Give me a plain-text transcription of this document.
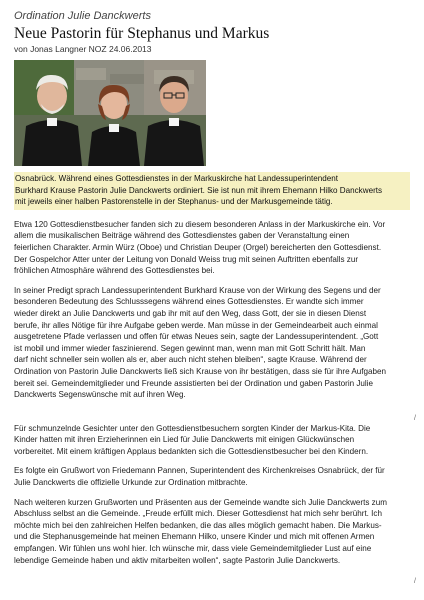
Ordination Julie Danckwerts

Neue Pastorin für Stephanus und Markus

von Jonas Langner NOZ 24.06.2013

Osnabrück. Während eines Gottesdienstes in der Markuskirche hat Landessuperintendent
Burkhard Krause Pastorin Julie Danckwerts ordiniert. Sie ist nun mit ihrem Ehemann Hilko Danckwerts
mit jeweils einer halben Pastorenstelle in der Stephanus- und der Markusgemeinde tätig.

Etwa 120 Gottesdienstbesucher fanden sich zu diesem besonderen Anlass in der Markuskirche ein. Vor
allem die musikalischen Beiträge während des Gottesdienstes gaben der Veranstaltung einen
feierlichen Charakter. Armin Würz (Oboe) und Christian Deuper (Orgel) bereicherten den Gottesdienst.
Der Gospelchor Atter unter der Leitung von Donald Weiss trug mit seinen Auftritten ebenfalls zur
fröhlichen Atmosphäre während des Gottesdienstes bei.

In seiner Predigt sprach Landessuperintendent Burkhard Krause von der Wirkung des Segens und der
besonderen Bedeutung des Schlusssegens während eines Gottesdienstes. Er wandte sich immer
wieder direkt an Julie Danckwerts und gab ihr mit auf den Weg, dass Gott, der sie in diesen Dienst
berufe, ihr alles Nötige für ihre Aufgabe geben werde. Man müsse in der Gemeindearbeit auch einmal
ausgetretene Pfade verlassen und offen für etwas Neues sein, sagte der Landessuperintendent. „Gott
ist mobil und immer wieder faszinierend. Segen gewinnt man, wenn man mit Gott Schritt hält. Man
darf nicht schneller sein wollen als er, aber auch nicht stehen bleiben“, sagte Krause. Während der
Ordination von Pastorin Julie Danckwerts ließ sich Krause von ihr bestätigen, dass sie für ihre Aufgaben
bereit sei. Gemeindemitglieder und Freunde assistierten bei der Ordination und gaben Pastorin Julie
Danckwerts Segenswünsche mit auf ihren Weg.

Für schmunzelnde Gesichter unter den Gottesdienstbesuchern sorgten Kinder der Markus-Kita. Die
Kinder hatten mit ihren Erzieherinnen ein Lied für Julie Danckwerts mit einigen Glückwünschen
vorbereitet. Mit einem kräftigen Applaus bedankten sich die Gottesdienstbesucher bei den Kindern.

Es folgte ein Grußwort von Friedemann Pannen, Superintendent des Kirchenkreises Osnabrück, der für
Julie Danckwerts die offizielle Urkunde zur Ordination mitbrachte.

Nach weiteren kurzen Grußworten und Präsenten aus der Gemeinde wandte sich Julie Danckwerts zum
Abschluss selbst an die Gemeinde. „Freude erfüllt mich. Dieser Gottesdienst hat mich sehr berührt. Ich
möchte mich bei den zahlreichen Helfen bedanken, die das alles möglich gemacht haben. Die Markus-
und die Stephanusgemeinde hat meinen Ehemann Hilko, unsere Kinder und mich mit offenen Armen
empfangen. Wir fühlen uns wohl hier. Ich wünsche mir, dass viele Gemeindemitglieder Lust auf eine
lebendige Gemeinde haben und aktiv mitarbeiten wollen“, sagte Pastorin Julie Danckwerts.

/
/
